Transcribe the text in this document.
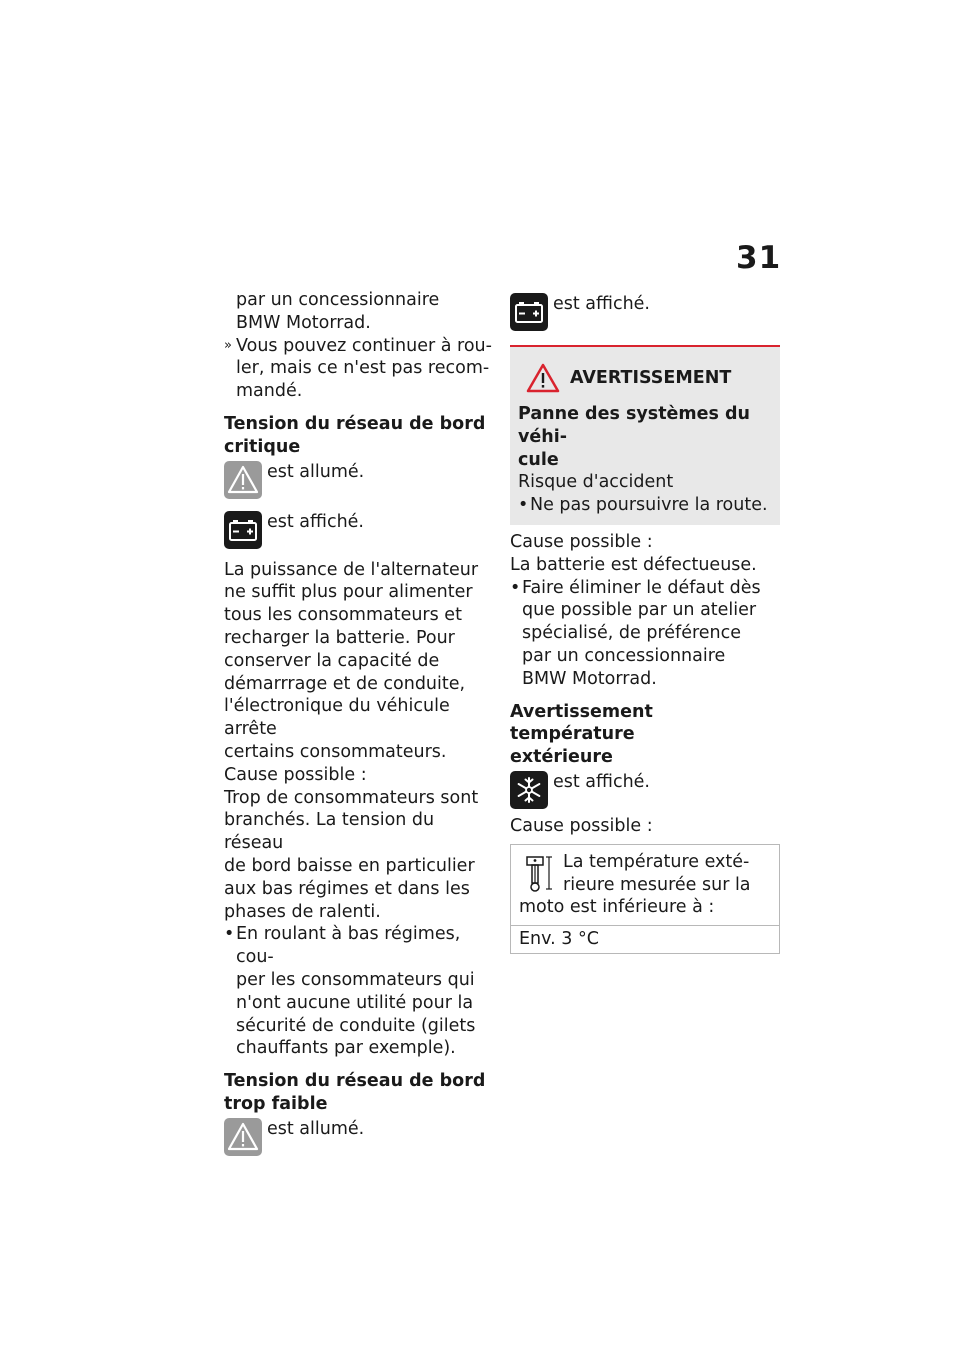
31

par un concessionnaire

BMW Motorrad.

» Vous pouvez continuer à rou-

ler, mais ce n'est pas recom-

mandé.

Tension du réseau de bord

critique

est allumé.
est affiché.

La puissance de l'alternateur

ne suffit plus pour alimenter

tous les consommateurs et

recharger la batterie. Pour

conserver la capacité de

démarrrage et de conduite,

l'électronique du véhicule arrête

certains consommateurs.

Cause possible :

Trop de consommateurs sont

branchés. La tension du réseau

de bord baisse en particulier

aux bas régimes et dans les

phases de ralenti.

• En roulant à bas régimes, cou-

per les consommateurs qui

n'ont aucune utilité pour la

sécurité de conduite (gilets

chauffants par exemple).

Tension du réseau de bord

trop faible

est allumé.
est affiché.
AVERTISSEMENT

Panne des systèmes du véhi-

cule

Risque d'accident

• Ne pas poursuivre la route.

Cause possible :

La batterie est défectueuse.

• Faire éliminer le défaut dès

que possible par un atelier

spécialisé, de préférence

par un concessionnaire

BMW Motorrad.

Avertissement température

extérieure

est affiché.

Cause possible :

La température exté-

rieure mesurée sur la

moto est inférieure à :

Env. 3 °C
